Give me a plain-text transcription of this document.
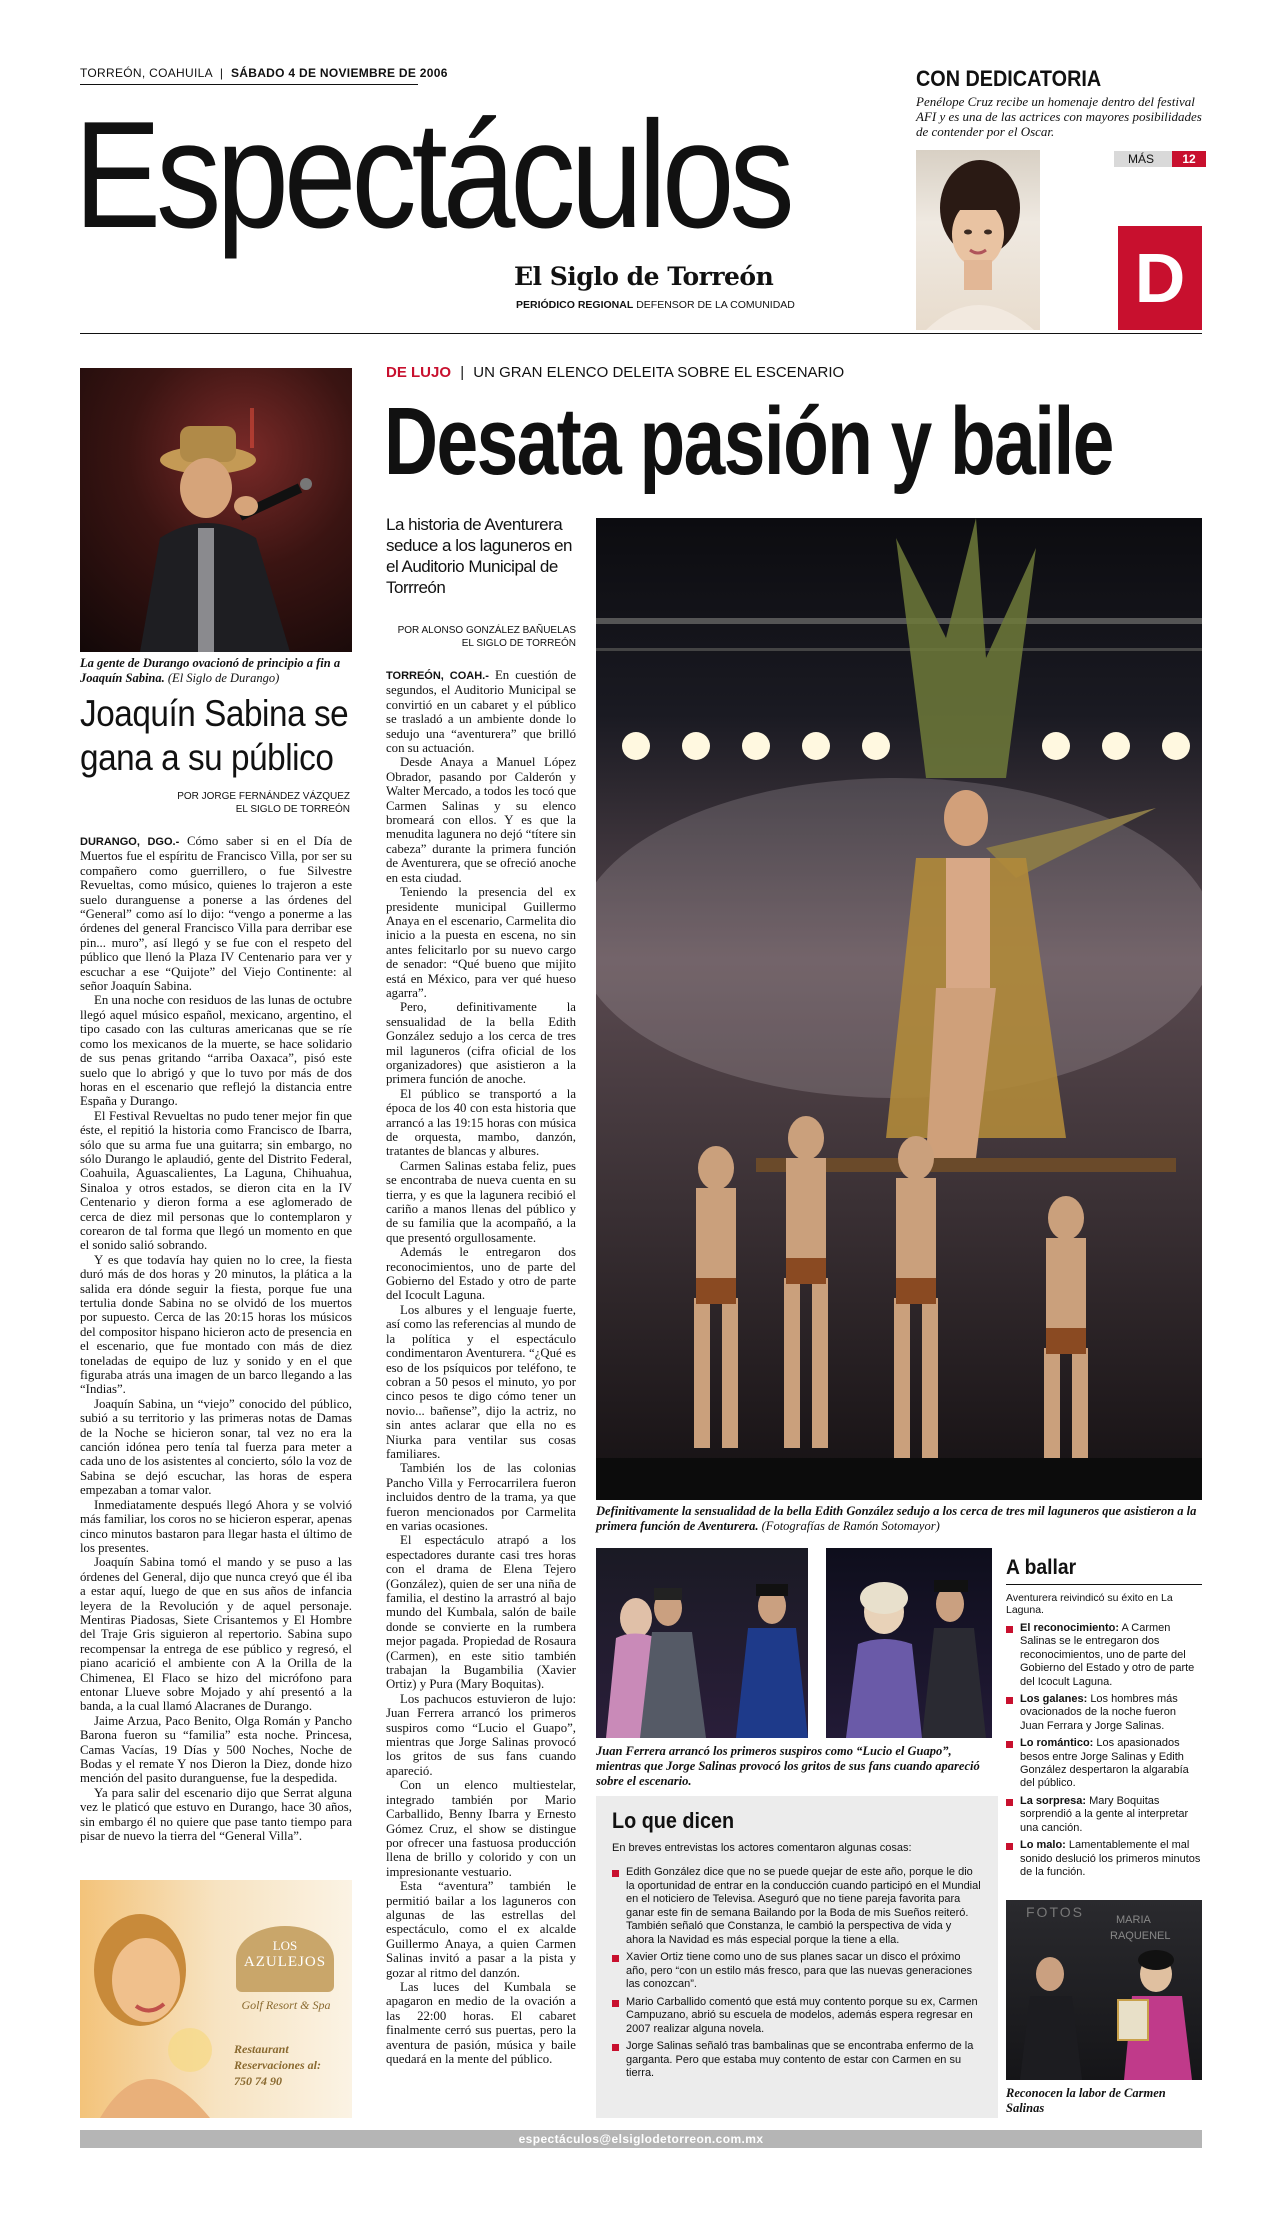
TORREÓN, COAHUILA | SÁBADO 4 DE NOVIEMBRE DE 2006
Espectáculos
El Siglo de Torreón
PERIÓDICO REGIONAL DEFENSOR DE LA COMUNIDAD
CON DEDICATORIA
Penélope Cruz recibe un homenaje dentro del festival AFI y es una de las actrices con mayores posibilidades de contender por el Oscar.
MÁS	12
D
La gente de Durango ovacionó de principio a fin a Joaquín Sabina. (El Siglo de Durango)
Joaquín Sabina se gana a su público
POR JORGE FERNÁNDEZ VÁZQUEZ
EL SIGLO DE TORREÓN

DURANGO, DGO.- Cómo saber si en el Día de Muertos fue el espíritu de Francisco Villa, por ser su compañero como guerrillero, o fue Silvestre Revueltas, como músico, quienes lo trajeron a este suelo duranguense a ponerse a las órdenes del “General” como así lo dijo: “vengo a ponerme a las órdenes del general Francisco Villa para derribar ese pin... muro”, así llegó y se fue con el respeto del público que llenó la Plaza IV Centenario para ver y escuchar a ese “Quijote” del Viejo Continente: al señor Joaquín Sabina.

En una noche con residuos de las lunas de octubre llegó aquel músico español, mexicano, argentino, el tipo casado con las culturas americanas que se ríe como los mexicanos de la muerte, se hace solidario de sus penas gritando “arriba Oaxaca”, pisó este suelo que lo abrigó y que lo tuvo por más de dos horas en el escenario que reflejó la distancia entre España y Durango.

El Festival Revueltas no pudo tener mejor fin que éste, el repitió la historia como Francisco de Ibarra, sólo que su arma fue una guitarra; sin embargo, no sólo Durango le aplaudió, gente del Distrito Federal, Coahuila, Aguascalientes, La Laguna, Chihuahua, Sinaloa y otros estados, se dieron cita en la IV Centenario y dieron forma a ese aglomerado de cerca de diez mil personas que lo contemplaron y corearon de tal forma que llegó un momento en que el sonido salió sobrando.

Y es que todavía hay quien no lo cree, la fiesta duró más de dos horas y 20 minutos, la plática a la salida era dónde seguir la fiesta, porque fue una tertulia donde Sabina no se olvidó de los muertos por supuesto. Cerca de las 20:15 horas los músicos del compositor hispano hicieron acto de presencia en el escenario, que fue montado con más de diez toneladas de equipo de luz y sonido y en el que figuraba atrás una imagen de un barco llegando a las “Indias”.

Joaquín Sabina, un “viejo” conocido del público, subió a su territorio y las primeras notas de Damas de la Noche se hicieron sonar, tal vez no era la canción idónea pero tenía tal fuerza para meter a cada uno de los asistentes al concierto, sólo la voz de Sabina se dejó escuchar, las horas de espera empezaban a tomar valor.

Inmediatamente después llegó Ahora y se volvió más familiar, los coros no se hicieron esperar, apenas cinco minutos bastaron para llegar hasta el último de los presentes.

Joaquín Sabina tomó el mando y se puso a las órdenes del General, dijo que nunca creyó que él iba a estar aquí, luego de que en sus años de infancia leyera de la Revolución y de aquel personaje. Mentiras Piadosas, Siete Crisantemos y El Hombre del Traje Gris siguieron al repertorio. Sabina supo recompensar la entrega de ese público y regresó, el piano acarició el ambiente con A la Orilla de la Chimenea, El Flaco se hizo del micrófono para entonar Llueve sobre Mojado y ahí presentó a la banda, a la cual llamó Alacranes de Durango.

Jaime Arzua, Paco Benito, Olga Román y Pancho Barona fueron su “familia” esta noche. Princesa, Camas Vacías, 19 Días y 500 Noches, Noche de Bodas y el remate Y nos Dieron la Diez, donde hizo mención del pasito duranguense, fue la despedida.

Ya para salir del escenario dijo que Serrat alguna vez le platicó que estuvo en Durango, hace 30 años, sin embargo él no quiere que pase tanto tiempo para pisar de nuevo la tierra del “General Villa”.

LOS
AZULEJOS
Golf Resort & Spa
Restaurant
Reservaciones al:
750 74 90
DE LUJO | UN GRAN ELENCO DELEITA SOBRE EL ESCENARIO
Desata pasión y baile
La historia de Aventurera seduce a los laguneros en el Auditorio Municipal de Torrreón
POR ALONSO GONZÁLEZ BAÑUELAS
EL SIGLO DE TORREÓN

TORREÓN, COAH.- En cuestión de segundos, el Auditorio Municipal se convirtió en un cabaret y el público se trasladó a un ambiente donde lo sedujo una “aventurera” que brilló con su actuación.

Desde Anaya a Manuel López Obrador, pasando por Calderón y Walter Mercado, a todos les tocó que Carmen Salinas y su elenco bromeará con ellos. Y es que la menudita lagunera no dejó “títere sin cabeza” durante la primera función de Aventurera, que se ofreció anoche en esta ciudad.

Teniendo la presencia del ex presidente municipal Guillermo Anaya en el escenario, Carmelita dio inicio a la puesta en escena, no sin antes felicitarlo por su nuevo cargo de senador: “Qué bueno que mijito está en México, para ver qué hueso agarra”.

Pero, definitivamente la sensualidad de la bella Edith González sedujo a los cerca de tres mil laguneros (cifra oficial de los organizadores) que asistieron a la primera función de anoche.

El público se transportó a la época de los 40 con esta historia que arrancó a las 19:15 horas con música de orquesta, mambo, danzón, tratantes de blancas y albures.

Carmen Salinas estaba feliz, pues se encontraba de nueva cuenta en su tierra, y es que la lagunera recibió el cariño a manos llenas del público y de su familia que la acompañó, a la que presentó orgullosamente.

Además le entregaron dos reconocimientos, uno de parte del Gobierno del Estado y otro de parte del Icocult Laguna.

Los albures y el lenguaje fuerte, así como las referencias al mundo de la política y el espectáculo condimentaron Aventurera. “¿Qué es eso de los psíquicos por teléfono, te cobran a 50 pesos el minuto, yo por cinco pesos te digo cómo tener un novio... bañense”, dijo la actriz, no sin antes aclarar que ella no es Niurka para ventilar sus cosas familiares.

También los de las colonias Pancho Villa y Ferrocarrilera fueron incluidos dentro de la trama, ya que fueron mencionados por Carmelita en varias ocasiones.

El espectáculo atrapó a los espectadores durante casi tres horas con el drama de Elena Tejero (González), quien de ser una niña de familia, el destino la arrastró al bajo mundo del Kumbala, salón de baile donde se convierte en la rumbera mejor pagada. Propiedad de Rosaura (Carmen), en este sitio también trabajan la Bugambilia (Xavier Ortiz) y Pura (Mary Boquitas).

Los pachucos estuvieron de lujo: Juan Ferrera arrancó los primeros suspiros como “Lucio el Guapo”, mientras que Jorge Salinas provocó los gritos de sus fans cuando apareció.

Con un elenco multiestelar, integrado también por Mario Carballido, Benny Ibarra y Ernesto Gómez Cruz, el show se distingue por ofrecer una fastuosa producción llena de brillo y colorido y con un impresionante vestuario.

Esta “aventura” también le permitió bailar a los laguneros con algunas de las estrellas del espectáculo, como el ex alcalde Guillermo Anaya, a quien Carmen Salinas invitó a pasar a la pista y gozar al ritmo del danzón.

Las luces del Kumbala se apagaron en medio de la ovación a las 22:00 horas. El cabaret finalmente cerró sus puertas, pero la aventura de pasión, música y baile quedará en la mente del público.

Definitivamente la sensualidad de la bella Edith González sedujo a los cerca de tres mil laguneros que asistieron a la primera función de Aventurera. (Fotografías de Ramón Sotomayor)
Juan Ferrera arrancó los primeros suspiros como “Lucio el Guapo”, mientras que Jorge Salinas provocó los gritos de sus fans cuando apareció sobre el escenario.
Lo que dicen
En breves entrevistas los actores comentaron algunas cosas:
Edith González dice que no se puede quejar de este año, porque le dio la oportunidad de entrar en la conducción cuando participó en el Mundial en el noticiero de Televisa. Aseguró que no tiene pareja favorita para ganar este fin de semana Bailando por la Boda de mis Sueños reiteró. También señaló que Constanza, le cambió la perspectiva de vida y ahora la Navidad es más especial porque la tiene a ella.
Xavier Ortiz tiene como uno de sus planes sacar un disco el próximo año, pero “con un estilo más fresco, para que las nuevas generaciones las conozcan”.
Mario Carballido comentó que está muy contento porque su ex, Carmen Campuzano, abrió su escuela de modelos, además espera regresar en 2007 realizar alguna novela.
Jorge Salinas señaló tras bambalinas que se encontraba enfermo de la garganta. Pero que estaba muy contento de estar con Carmen en su tierra.
A ballar
Aventurera reivindicó su éxito en La Laguna.
El reconocimiento: A Carmen Salinas se le entregaron dos reconocimientos, uno de parte del Gobierno del Estado y otro de parte del Icocult Laguna.
Los galanes: Los hombres más ovacionados de la noche fueron Juan Ferrara y Jorge Salinas.
Lo romántico: Los apasionados besos entre Jorge Salinas y Edith González despertaron la algarabía del público.
La sorpresa: Mary Boquitas sorprendió a la gente al interpretar una canción.
Lo malo: Lamentablemente el mal sonido deslució los primeros minutos de la función.
FOTOS	MARIA
RAQUENEL
Reconocen la labor de Carmen Salinas
espectáculos@elsiglodetorreon.com.mx
